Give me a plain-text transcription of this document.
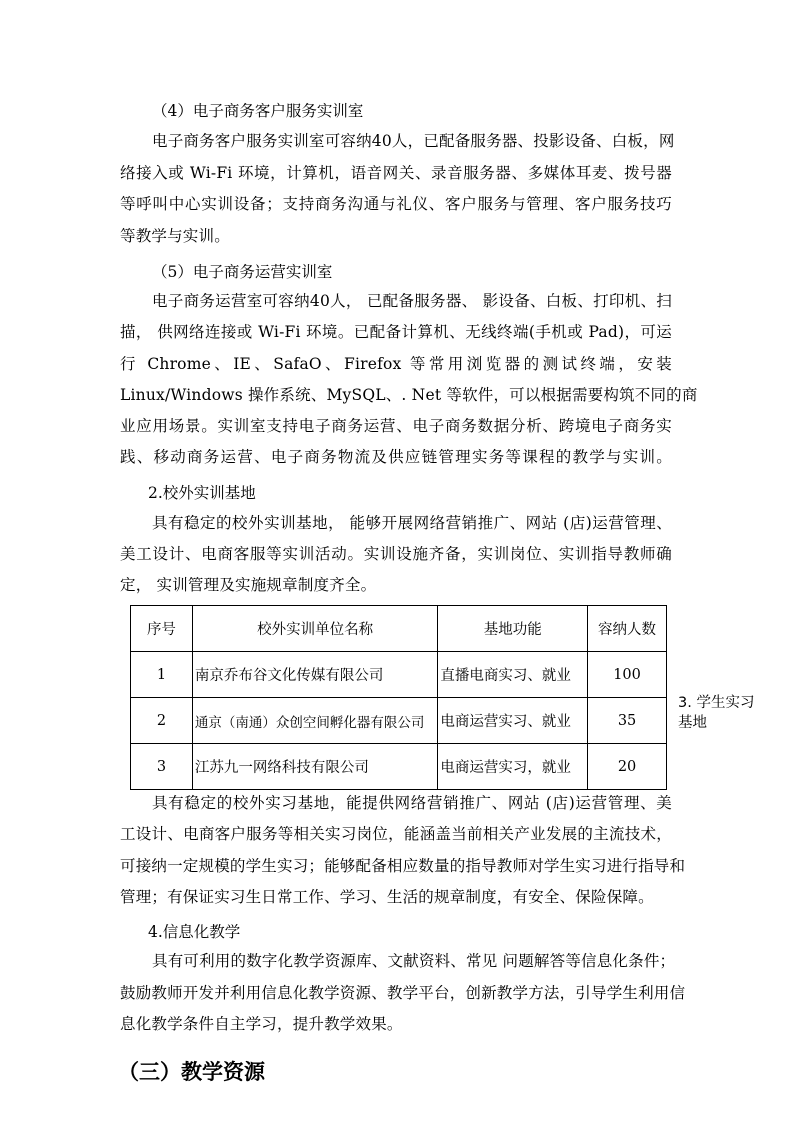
（4）电子商务客户服务实训室
电子商务客户服务实训室可容纳40人，已配备服务器、投影设备、白板，网
络接入或 Wi-Fi 环境，计算机，语音网关、录音服务器、多媒体耳麦、拨号器
等呼叫中心实训设备；支持商务沟通与礼仪、客户服务与管理、客户服务技巧
等教学与实训。
（5）电子商务运营实训室
电子商务运营室可容纳40人， 已配备服务器、 影设备、白板、打印机、扫
描， 供网络连接或 Wi-Fi 环境。已配备计算机、无线终端(手机或 Pad)，可运
行 Chrome、IE、SafaO、Firefox 等常用浏览器的测试终端，安装
Linux/Windows 操作系统、MySQL、. Net 等软件，可以根据需要构筑不同的商
业应用场景。实训室支持电子商务运营、电子商务数据分析、跨境电子商务实
践、移动商务运营、电子商务物流及供应链管理实务等课程的教学与实训。
2.校外实训基地
具有稳定的校外实训基地， 能够开展网络营销推广、网站 (店)运营管理、
美工设计、电商客服等实训活动。实训设施齐备，实训岗位、实训指导教师确
定， 实训管理及实施规章制度齐全。
序号	校外实训单位名称	基地功能	容纳人数
1	南京乔布谷文化传媒有限公司	直播电商实习、就业	100
2	通京（南通）众创空间孵化器有限公司	电商运营实习、就业	35
3	江苏九一网络科技有限公司	电商运营实习，就业	20
3. 学生实习
基地
具有稳定的校外实习基地，能提供网络营销推广、网站 (店)运营管理、美
工设计、电商客户服务等相关实习岗位，能涵盖当前相关产业发展的主流技术，
可接纳一定规模的学生实习；能够配备相应数量的指导教师对学生实习进行指导和
管理；有保证实习生日常工作、学习、生活的规章制度，有安全、保险保障。
4.信息化教学
具有可利用的数字化教学资源库、文献资料、常见 问题解答等信息化条件；
鼓励教师开发并利用信息化教学资源、教学平台，创新教学方法，引导学生利用信
息化教学条件自主学习，提升教学效果。
（三）教学资源
